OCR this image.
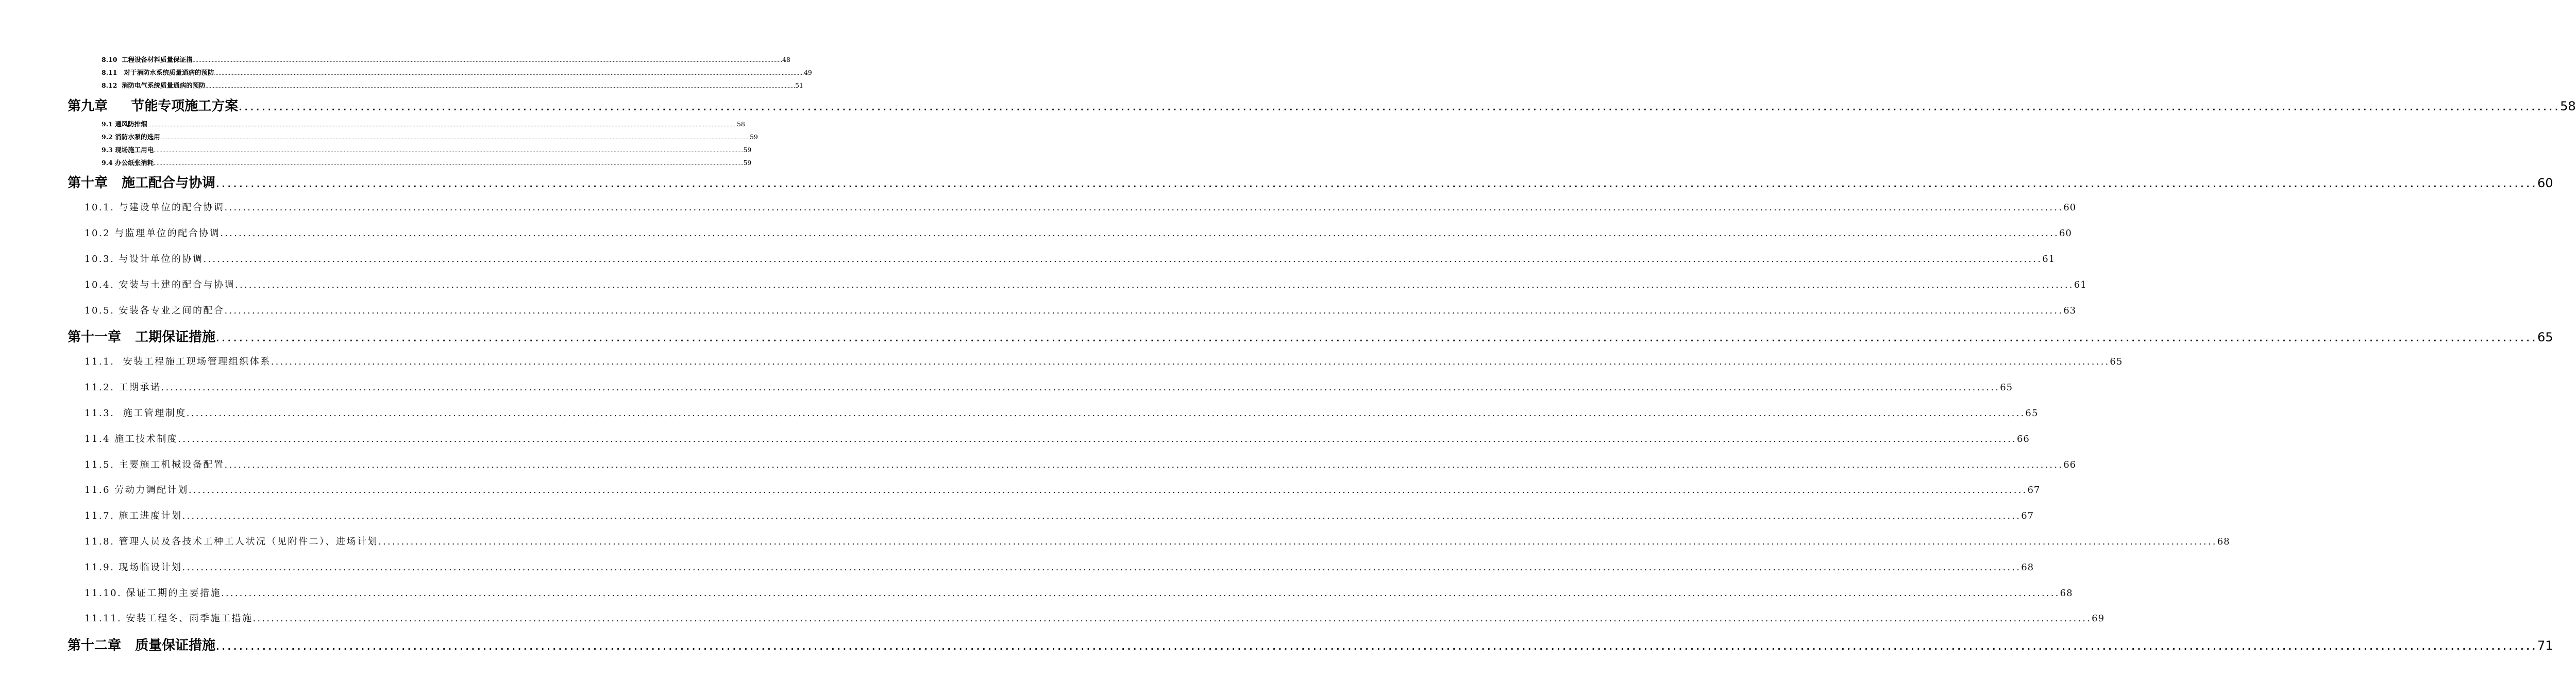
8.10  工程设备材料质量保证措 ................................................................................................................................................................................................................................................................................................................................................................................................................ 48
8.11   对于消防水系统质量通病的预防 ................................................................................................................................................................................................................................................................................................................................................................................................................ 49
8.12  消防电气系统质量通病的预防 ................................................................................................................................................................................................................................................................................................................................................................................................................ 51
第九章     节能专项施工方案 ................................................................................................................................................................................................................................................................................................................................................................................................................ 58
9.1 通风防排烟 ................................................................................................................................................................................................................................................................................................................................................................................................................ 58
9.2 消防水泵的选用 ................................................................................................................................................................................................................................................................................................................................................................................................................ 59
9.3 现场施工用电 ................................................................................................................................................................................................................................................................................................................................................................................................................ 59
9.4 办公纸张消耗 ................................................................................................................................................................................................................................................................................................................................................................................................................ 59
第十章   施工配合与协调 ................................................................................................................................................................................................................................................................................................................................................................................................................ 60
10.1. 与建设单位的配合协调 ................................................................................................................................................................................................................................................................................................................................................................................................................ 60
10.2 与监理单位的配合协调 ................................................................................................................................................................................................................................................................................................................................................................................................................ 60
10.3. 与设计单位的协调 ................................................................................................................................................................................................................................................................................................................................................................................................................ 61
10.4. 安装与土建的配合与协调 ................................................................................................................................................................................................................................................................................................................................................................................................................ 61
10.5. 安装各专业之间的配合 ................................................................................................................................................................................................................................................................................................................................................................................................................ 63
第十一章   工期保证措施 ................................................................................................................................................................................................................................................................................................................................................................................................................ 65
11.1.  安装工程施工现场管理组织体系 ................................................................................................................................................................................................................................................................................................................................................................................................................ 65
11.2. 工期承诺 ................................................................................................................................................................................................................................................................................................................................................................................................................ 65
11.3.  施工管理制度 ................................................................................................................................................................................................................................................................................................................................................................................................................ 65
11.4 施工技术制度 ................................................................................................................................................................................................................................................................................................................................................................................................................ 66
11.5. 主要施工机械设备配置 ................................................................................................................................................................................................................................................................................................................................................................................................................ 66
11.6 劳动力调配计划 ................................................................................................................................................................................................................................................................................................................................................................................................................ 67
11.7. 施工进度计划 ................................................................................................................................................................................................................................................................................................................................................................................................................ 67
11.8. 管理人员及各技术工种工人状况（见附件二）、进场计划 ................................................................................................................................................................................................................................................................................................................................................................................................................ 68
11.9. 现场临设计划 ................................................................................................................................................................................................................................................................................................................................................................................................................ 68
11.10. 保证工期的主要措施 ................................................................................................................................................................................................................................................................................................................................................................................................................ 68
11.11. 安装工程冬、雨季施工措施 ................................................................................................................................................................................................................................................................................................................................................................................................................ 69
第十二章   质量保证措施 ................................................................................................................................................................................................................................................................................................................................................................................................................ 71
